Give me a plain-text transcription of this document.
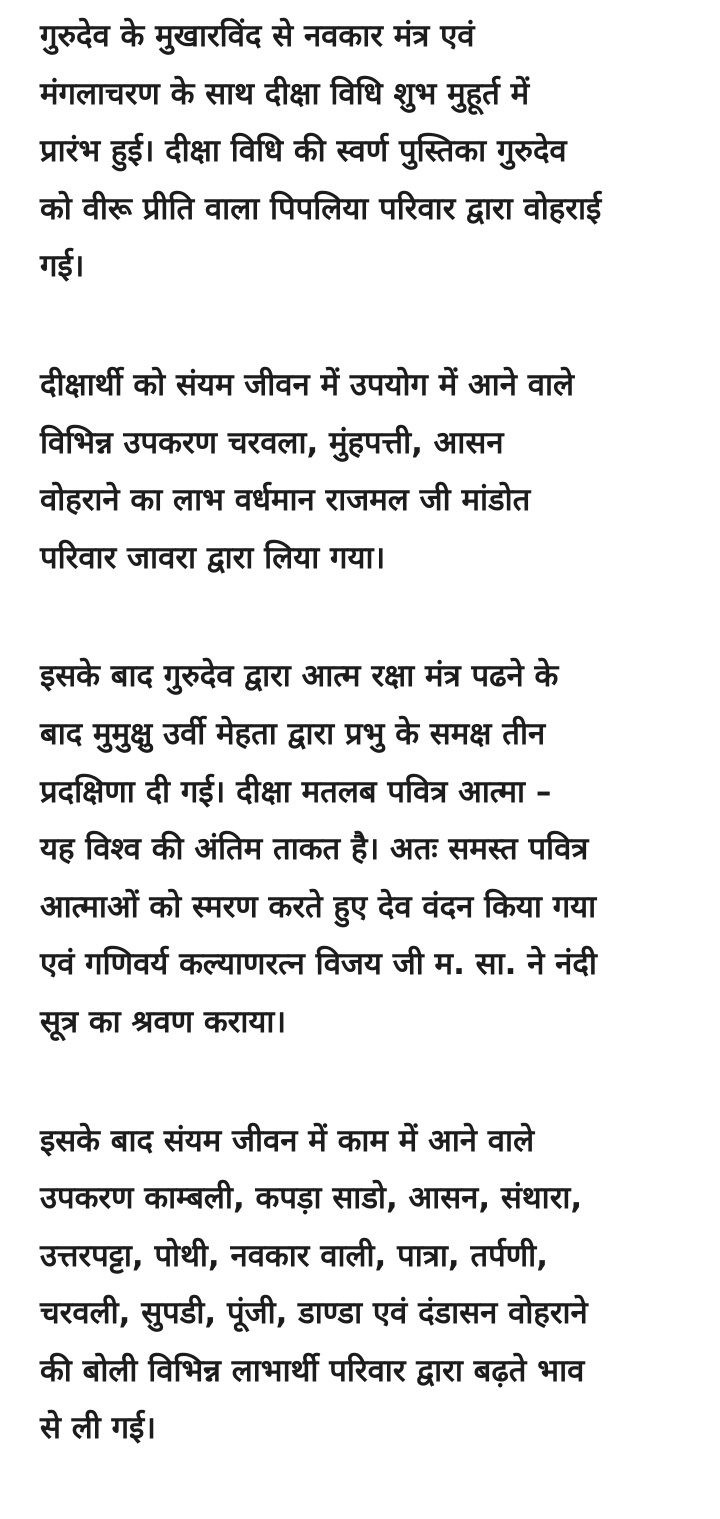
गुरुदेव के मुखारविंद से नवकार मंत्र एवं
मंगलाचरण के साथ दीक्षा विधि शुभ मुहूर्त में
प्रारंभ हुई। दीक्षा विधि की स्वर्ण पुस्तिका गुरुदेव
को वीरू प्रीति वाला पिपलिया परिवार द्वारा वोहराई
गई।

दीक्षार्थी को संयम जीवन में उपयोग में आने वाले
विभिन्न उपकरण चरवला, मुंहपत्ती, आसन
वोहराने का लाभ वर्धमान राजमल जी मांडोत
परिवार जावरा द्वारा लिया गया।

इसके बाद गुरुदेव द्वारा आत्म रक्षा मंत्र पढने के
बाद मुमुक्षु उर्वी मेहता द्वारा प्रभु के समक्ष तीन
प्रदक्षिणा दी गई। दीक्षा मतलब पवित्र आत्मा –
यह विश्व की अंतिम ताकत है। अतः समस्त पवित्र
आत्माओं को स्मरण करते हुए देव वंदन किया गया
एवं गणिवर्य कल्याणरत्न विजय जी म. सा. ने नंदी
सूत्र का श्रवण कराया।

इसके बाद संयम जीवन में काम में आने वाले
उपकरण काम्बली, कपड़ा साडो, आसन, संथारा,
उत्तरपट्टा, पोथी, नवकार वाली, पात्रा, तर्पणी,
चरवली, सुपडी, पूंजी, डाण्डा एवं दंडासन वोहराने
की बोली विभिन्न लाभार्थी परिवार द्वारा बढ़ते भाव
से ली गई।
